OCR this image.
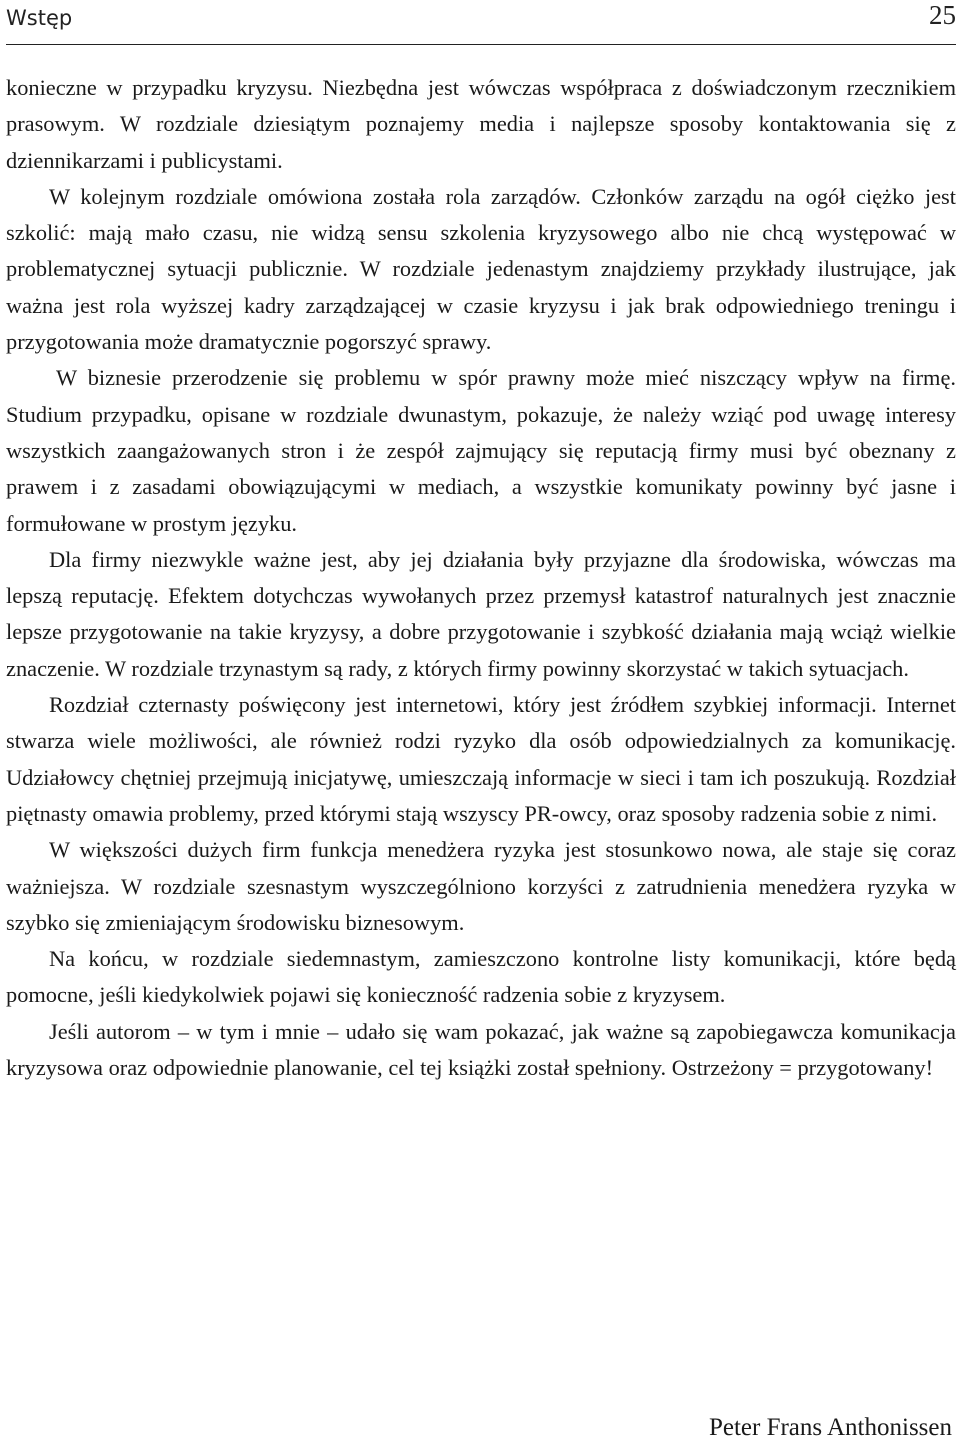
Wstęp	25

konieczne w przypadku kryzysu. Niezbędna jest wówczas współpraca z doświadczonym rzecznikiem prasowym. W rozdziale dziesiątym poznajemy media i najlepsze sposoby kontaktowania się z dziennikarzami i publicystami.

W kolejnym rozdziale omówiona została rola zarządów. Członków zarządu na ogół ciężko jest szkolić: mają mało czasu, nie widzą sensu szkolenia kryzysowego albo nie chcą występować w problematycznej sytuacji publicznie. W rozdziale jedenastym znajdziemy przykłady ilustrujące, jak ważna jest rola wyższej kadry zarządzającej w czasie kryzysu i jak brak odpowiedniego treningu i przygotowania może dramatycznie pogorszyć sprawy.

W biznesie przerodzenie się problemu w spór prawny może mieć niszczący wpływ na firmę. Studium przypadku, opisane w rozdziale dwunastym, pokazuje, że należy wziąć pod uwagę interesy wszystkich zaangażowanych stron i że zespół zajmujący się reputacją firmy musi być obeznany z prawem i z zasadami obowiązującymi w mediach, a wszystkie komunikaty powinny być jasne i formułowane w prostym języku.

Dla firmy niezwykle ważne jest, aby jej działania były przyjazne dla środowiska, wówczas ma lepszą reputację. Efektem dotychczas wywołanych przez przemysł katastrof naturalnych jest znacznie lepsze przygotowanie na takie kryzysy, a dobre przygotowanie i szybkość działania mają wciąż wielkie znaczenie. W rozdziale trzynastym są rady, z których firmy powinny skorzystać w takich sytuacjach.

Rozdział czternasty poświęcony jest internetowi, który jest źródłem szybkiej informacji. Internet stwarza wiele możliwości, ale również rodzi ryzyko dla osób odpowiedzialnych za komunikację. Udziałowcy chętniej przejmują inicjatywę, umieszczają informacje w sieci i tam ich poszukują. Rozdział piętnasty omawia problemy, przed którymi stają wszyscy PR-owcy, oraz sposoby radzenia sobie z nimi.

W większości dużych firm funkcja menedżera ryzyka jest stosunkowo nowa, ale staje się coraz ważniejsza. W rozdziale szesnastym wyszczególniono korzyści z zatrudnienia menedżera ryzyka w szybko się zmieniającym środowisku biznesowym.

Na końcu, w rozdziale siedemnastym, zamieszczono kontrolne listy komunikacji, które będą pomocne, jeśli kiedykolwiek pojawi się konieczność radzenia sobie z kryzysem.

Jeśli autorom – w tym i mnie – udało się wam pokazać, jak ważne są zapobiegawcza komunikacja kryzysowa oraz odpowiednie planowanie, cel tej książki został spełniony. Ostrzeżony = przygotowany!

Peter Frans Anthonissen
